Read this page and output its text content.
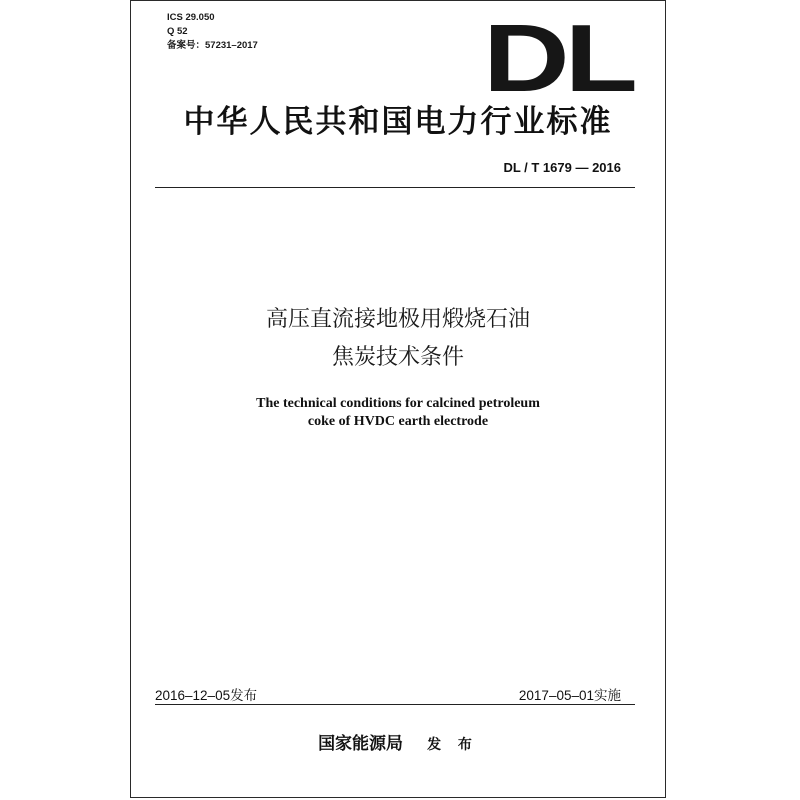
ICS 29.050
Q 52
备案号：57231–2017 DL
中华人民共和国电力行业标准
DL / T 1679 — 2016
高压直流接地极用煅烧石油
焦炭技术条件
The technical conditions for calcined petroleum
coke of HVDC earth electrode
2016–12–05发布	2017–05–01实施
国家能源局 发 布
